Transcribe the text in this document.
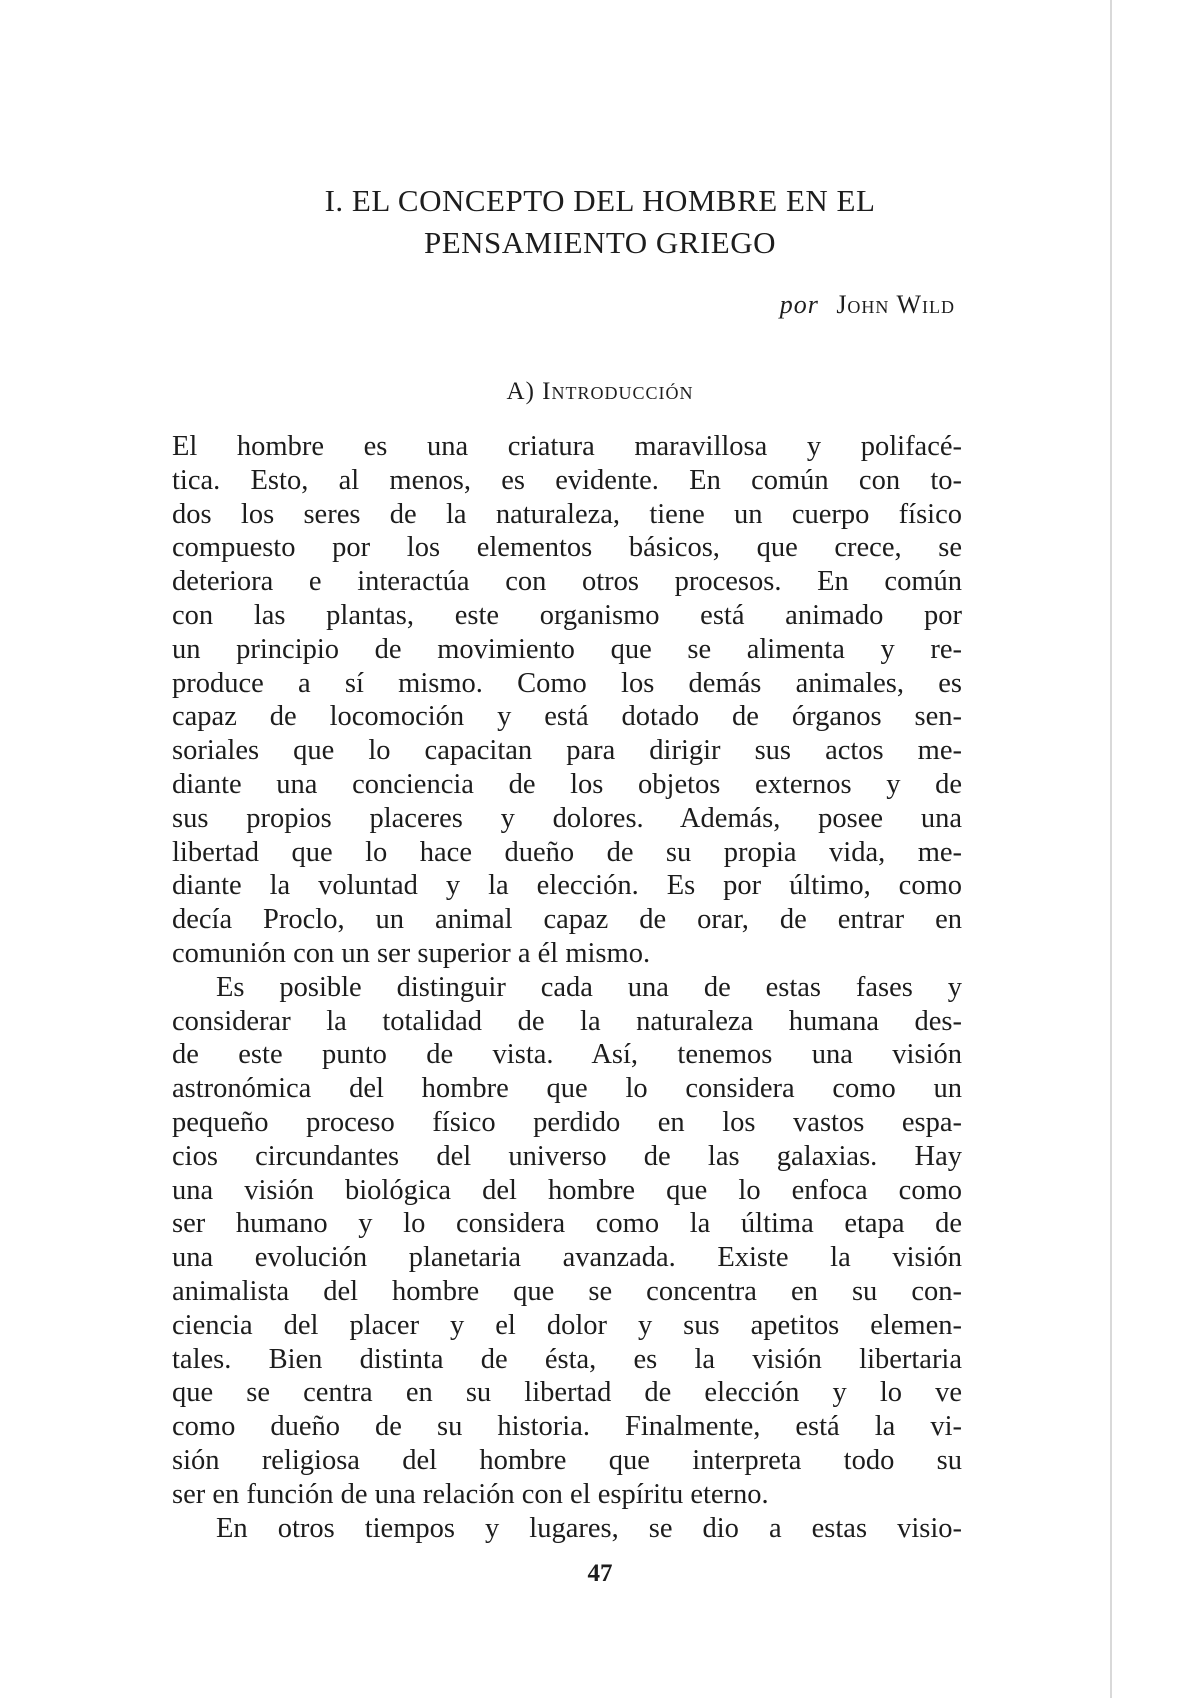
I. EL CONCEPTO DEL HOMBRE EN EL
PENSAMIENTO GRIEGO
por John Wild
A) Introducción
El hombre es una criatura maravillosa y polifacé-
tica. Esto, al menos, es evidente. En común con to-
dos los seres de la naturaleza, tiene un cuerpo físico
compuesto por los elementos básicos, que crece, se
deteriora e interactúa con otros procesos. En común
con las plantas, este organismo está animado por
un principio de movimiento que se alimenta y re-
produce a sí mismo. Como los demás animales, es
capaz de locomoción y está dotado de órganos sen-
soriales que lo capacitan para dirigir sus actos me-
diante una conciencia de los objetos externos y de
sus propios placeres y dolores. Además, posee una
libertad que lo hace dueño de su propia vida, me-
diante la voluntad y la elección. Es por último, como
decía Proclo, un animal capaz de orar, de entrar en
comunión con un ser superior a él mismo.
Es posible distinguir cada una de estas fases y
considerar la totalidad de la naturaleza humana des-
de este punto de vista. Así, tenemos una visión
astronómica del hombre que lo considera como un
pequeño proceso físico perdido en los vastos espa-
cios circundantes del universo de las galaxias. Hay
una visión biológica del hombre que lo enfoca como
ser humano y lo considera como la última etapa de
una evolución planetaria avanzada. Existe la visión
animalista del hombre que se concentra en su con-
ciencia del placer y el dolor y sus apetitos elemen-
tales. Bien distinta de ésta, es la visión libertaria
que se centra en su libertad de elección y lo ve
como dueño de su historia. Finalmente, está la vi-
sión religiosa del hombre que interpreta todo su
ser en función de una relación con el espíritu eterno.
En otros tiempos y lugares, se dio a estas visio-
47
